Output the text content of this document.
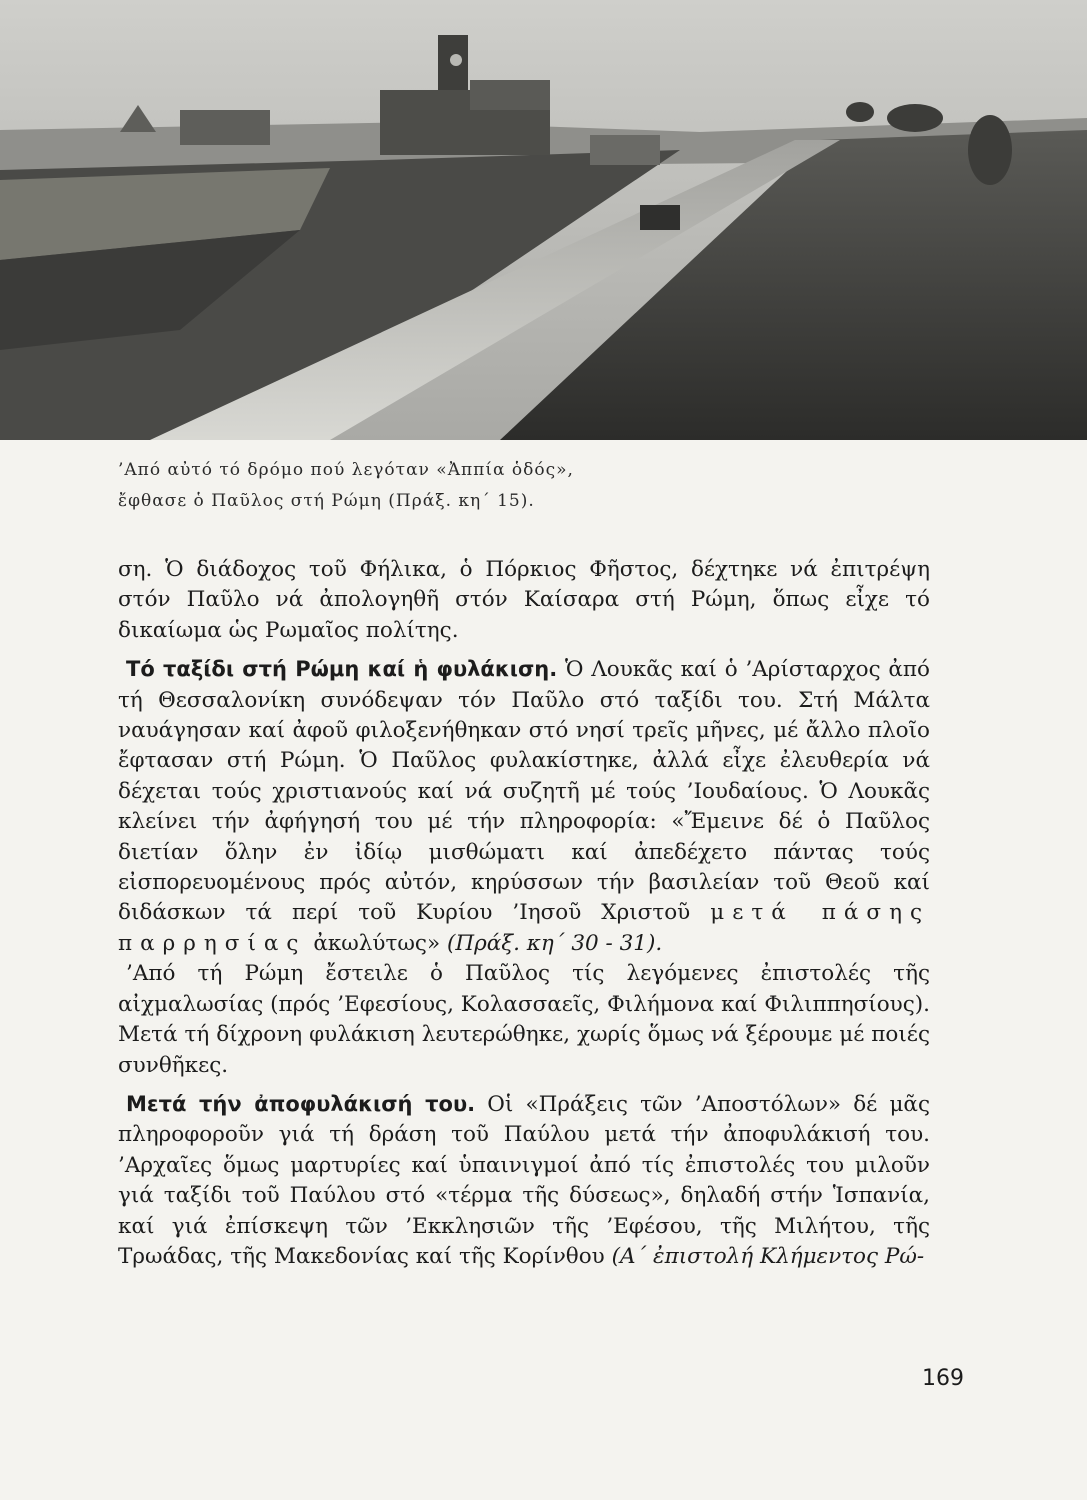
’Από αὐτό τό δρόμο πού λεγόταν «Ἀππία ὁδός»,

ἔφθασε ὁ Παῦλος στή Ρώμη (Πράξ. κη΄ 15).

ση. Ὁ διάδοχος τοῦ Φήλικα, ὁ Πόρκιος Φῆστος, δέχτηκε νά ἐπιτρέψη στόν Παῦλο νά ἀπολογηθῆ στόν Καίσαρα στή Ρώμη, ὅπως εἶχε τό δικαίωμα ὡς Ρωμαῖος πολίτης.

Τό ταξίδι στή Ρώμη καί ἡ φυλάκιση. Ὁ Λουκᾶς καί ὁ ’Αρίσταρχος ἀπό τή Θεσσαλονίκη συνόδεψαν τόν Παῦλο στό ταξίδι του. Στή Μάλτα ναυάγησαν καί ἀφοῦ φιλοξενήθηκαν στό νησί τρεῖς μῆνες, μέ ἄλλο πλοῖο ἔφτασαν στή Ρώμη. Ὁ Παῦλος φυλακίστηκε, ἀλλά εἶχε ἐλευθερία νά δέχεται τούς χριστιανούς καί νά συζητῆ μέ τούς ’Ιουδαίους. Ὁ Λουκᾶς κλείνει τήν ἀφήγησή του μέ τήν πληροφορία: «Ἔμεινε δέ ὁ Παῦλος διετίαν ὅλην ἐν ἰδίῳ μισθώματι καί ἀπεδέχετο πάντας τούς εἰσπορευομένους πρός αὐτόν, κηρύσσων τήν βασιλείαν τοῦ Θεοῦ καί διδάσκων τά περί τοῦ Κυρίου ’Ιησοῦ Χριστοῦ μετά πάσης παρρησίας ἀκωλύτως» (Πράξ. κη΄ 30 - 31).

’Από τή Ρώμη ἔστειλε ὁ Παῦλος τίς λεγόμενες ἐπιστολές τῆς αἰχμαλωσίας (πρός ’Εφεσίους, Κολασσαεῖς, Φιλήμονα καί Φιλιππησίους). Μετά τή δίχρονη φυλάκιση λευτερώθηκε, χωρίς ὅμως νά ξέρουμε μέ ποιές συνθῆκες.

Μετά τήν ἀποφυλάκισή του. Οἱ «Πράξεις τῶν ’Αποστόλων» δέ μᾶς πληροφοροῦν γιά τή δράση τοῦ Παύλου μετά τήν ἀποφυλάκισή του. ’Αρχαῖες ὅμως μαρτυρίες καί ὑπαινιγμοί ἀπό τίς ἐπιστολές του μιλοῦν γιά ταξίδι τοῦ Παύλου στό «τέρμα τῆς δύσεως», δηλαδή στήν Ἱσπανία, καί γιά ἐπίσκεψη τῶν ’Εκκλησιῶν τῆς ’Εφέσου, τῆς Μιλήτου, τῆς Τρωάδας, τῆς Μακεδονίας καί τῆς Κορίνθου (Α΄ ἐπιστολή Κλήμεντος Ρώ-

169
